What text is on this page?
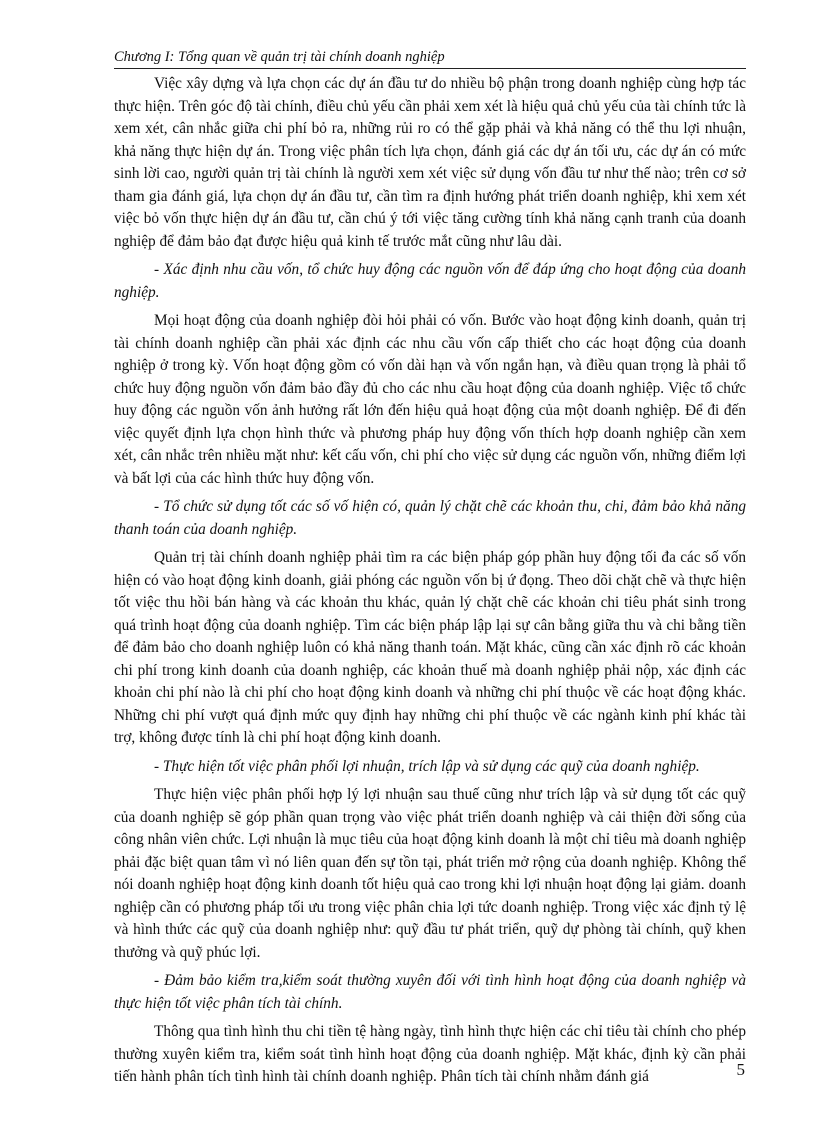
Chương I: Tổng quan về quản trị tài chính doanh nghiệp

Việc xây dựng và lựa chọn các dự án đầu tư do nhiều bộ phận trong doanh nghiệp cùng hợp tác thực hiện. Trên góc độ tài chính, điều chủ yếu cần phải xem xét là hiệu quả chủ yếu của tài chính tức là xem xét, cân nhắc giữa chi phí bỏ ra, những rủi ro có thể gặp phải và khả năng có thể thu lợi nhuận, khả năng thực hiện dự án. Trong việc phân tích lựa chọn, đánh giá các dự án tối ưu, các dự án có mức sinh lời cao, người quản trị tài chính là người xem xét việc sử dụng vốn đầu tư như thế nào; trên cơ sở tham gia đánh giá, lựa chọn dự án đầu tư, cần tìm ra định hướng phát triển doanh nghiệp, khi xem xét việc bỏ vốn thực hiện dự án đầu tư, cần chú ý tới việc tăng cường tính khả năng cạnh tranh của doanh nghiệp để đảm bảo đạt được hiệu quả kinh tế trước mắt cũng như lâu dài.

- Xác định nhu cầu vốn, tổ chức huy động các nguồn vốn để đáp ứng cho hoạt động của doanh nghiệp.

Mọi hoạt động của doanh nghiệp đòi hỏi phải có vốn. Bước vào hoạt động kinh doanh, quản trị tài chính doanh nghiệp cần phải xác định các nhu cầu vốn cấp thiết cho các hoạt động của doanh nghiệp ở trong kỳ. Vốn hoạt động gồm có vốn dài hạn và vốn ngắn hạn, và điều quan trọng là phải tổ chức huy động nguồn vốn đảm bảo đầy đủ cho các nhu cầu hoạt động của doanh nghiệp. Việc tổ chức huy động các nguồn vốn ảnh hưởng rất lớn đến hiệu quả hoạt động của một doanh nghiệp. Để đi đến việc quyết định lựa chọn hình thức và phương pháp huy động vốn thích hợp doanh nghiệp cần xem xét, cân nhắc trên nhiều mặt như: kết cấu vốn, chi phí cho việc sử dụng các nguồn vốn, những điểm lợi và bất lợi của các hình thức huy động vốn.

- Tổ chức sử dụng tốt các số vố hiện có, quản lý chặt chẽ các khoản thu, chi, đảm bảo khả năng thanh toán của doanh nghiệp.

Quản trị tài chính doanh nghiệp phải tìm ra các biện pháp góp phần huy động tối đa các số vốn hiện có vào hoạt động kinh doanh, giải phóng các nguồn vốn bị ứ đọng. Theo dõi chặt chẽ và thực hiện tốt việc thu hồi bán hàng và các khoản thu khác, quản lý chặt chẽ các khoản chi tiêu phát sinh trong quá trình hoạt động của doanh nghiệp. Tìm các biện pháp lập lại sự cân bằng giữa thu và chi bằng tiền để đảm bảo cho doanh nghiệp luôn có khả năng thanh toán. Mặt khác, cũng cần xác định rõ các khoản chi phí trong kinh doanh của doanh nghiệp, các khoản thuế mà doanh nghiệp phải nộp, xác định các khoản chi phí nào là chi phí cho hoạt động kinh doanh và những chi phí thuộc về các hoạt động khác. Những chi phí vượt quá định mức quy định hay những chi phí thuộc về các ngành kinh phí khác tài trợ, không được tính là chi phí hoạt động kinh doanh.

- Thực hiện tốt việc phân phối lợi nhuận, trích lập và sử dụng các quỹ của doanh nghiệp.

Thực hiện việc phân phối hợp lý lợi nhuận sau thuế cũng như trích lập và sử dụng tốt các quỹ của doanh nghiệp sẽ góp phần quan trọng vào việc phát triển doanh nghiệp và cải thiện đời sống của công nhân viên chức. Lợi nhuận là mục tiêu của hoạt động kinh doanh là một chỉ tiêu mà doanh nghiệp phải đặc biệt quan tâm vì nó liên quan đến sự tồn tại, phát triển mở rộng của doanh nghiệp. Không thể nói doanh nghiệp hoạt động kinh doanh tốt hiệu quả cao trong khi lợi nhuận hoạt động lại giảm. doanh nghiệp cần có phương pháp tối ưu trong việc phân chia lợi tức doanh nghiệp. Trong việc xác định tỷ lệ và hình thức các quỹ của doanh nghiệp như: quỹ đầu tư phát triển, quỹ dự phòng tài chính, quỹ khen thưởng và quỹ phúc lợi.

- Đảm bảo kiểm tra,kiểm soát thường xuyên đối với tình hình hoạt động của doanh nghiệp và thực hiện tốt việc phân tích tài chính.

Thông qua tình hình thu chi tiền tệ hàng ngày, tình hình thực hiện các chỉ tiêu tài chính cho phép thường xuyên kiểm tra, kiểm soát tình hình hoạt động của doanh nghiệp. Mặt khác, định kỳ cần phải tiến hành phân tích tình hình tài chính doanh nghiệp. Phân tích tài chính nhằm đánh giá	5
